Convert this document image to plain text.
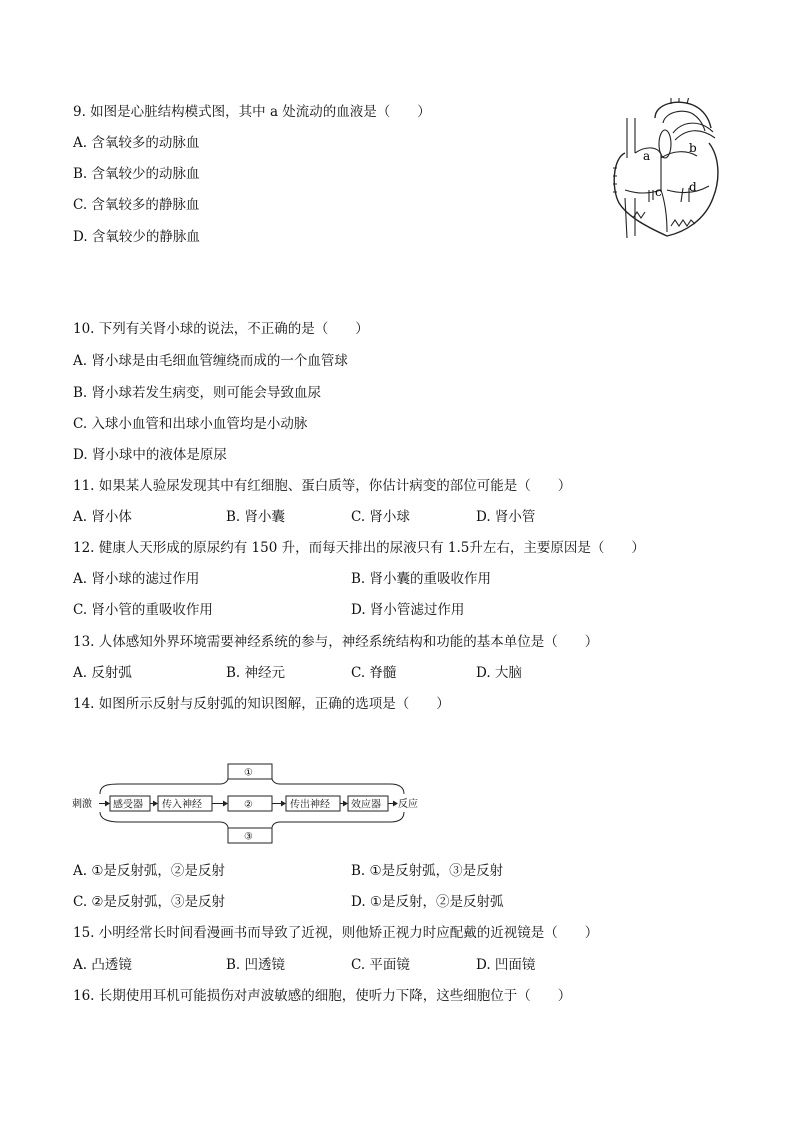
9. 如图是心脏结构模式图，其中 a 处流动的血液是（　　）
A. 含氧较多的动脉血
B. 含氧较少的动脉血
C. 含氧较多的静脉血
D. 含氧较少的静脉血
a
b
c d
10. 下列有关肾小球的说法，不正确的是（　　）
A. 肾小球是由毛细血管缠绕而成的一个血管球
B. 肾小球若发生病变，则可能会导致血尿
C. 入球小血管和出球小血管均是小动脉
D. 肾小球中的液体是原尿
11. 如果某人验尿发现其中有红细胞、蛋白质等，你估计病变的部位可能是（　　）
A. 肾小体	B. 肾小囊	C. 肾小球	D. 肾小管
12. 健康人天形成的原尿约有 150 升，而每天排出的尿液只有 1.5升左右，主要原因是（　　）
A. 肾小球的滤过作用	B. 肾小囊的重吸收作用
C. 肾小管的重吸收作用	D. 肾小管滤过作用
13. 人体感知外界环境需要神经系统的参与，神经系统结构和功能的基本单位是（　　）
A. 反射弧	B. 神经元	C. 脊髓	D. 大脑
14. 如图所示反射与反射弧的知识图解，正确的选项是（　　）
刺激 感受器 传入神经	②	传出神经 效应器 反应
①
③
A. ①是反射弧，②是反射	B. ①是反射弧，③是反射
C. ②是反射弧，③是反射	D. ①是反射，②是反射弧
15. 小明经常长时间看漫画书而导致了近视，则他矫正视力时应配戴的近视镜是（　　）
A. 凸透镜	B. 凹透镜	C. 平面镜	D. 凹面镜
16. 长期使用耳机可能损伤对声波敏感的细胞，使听力下降，这些细胞位于（　　）
